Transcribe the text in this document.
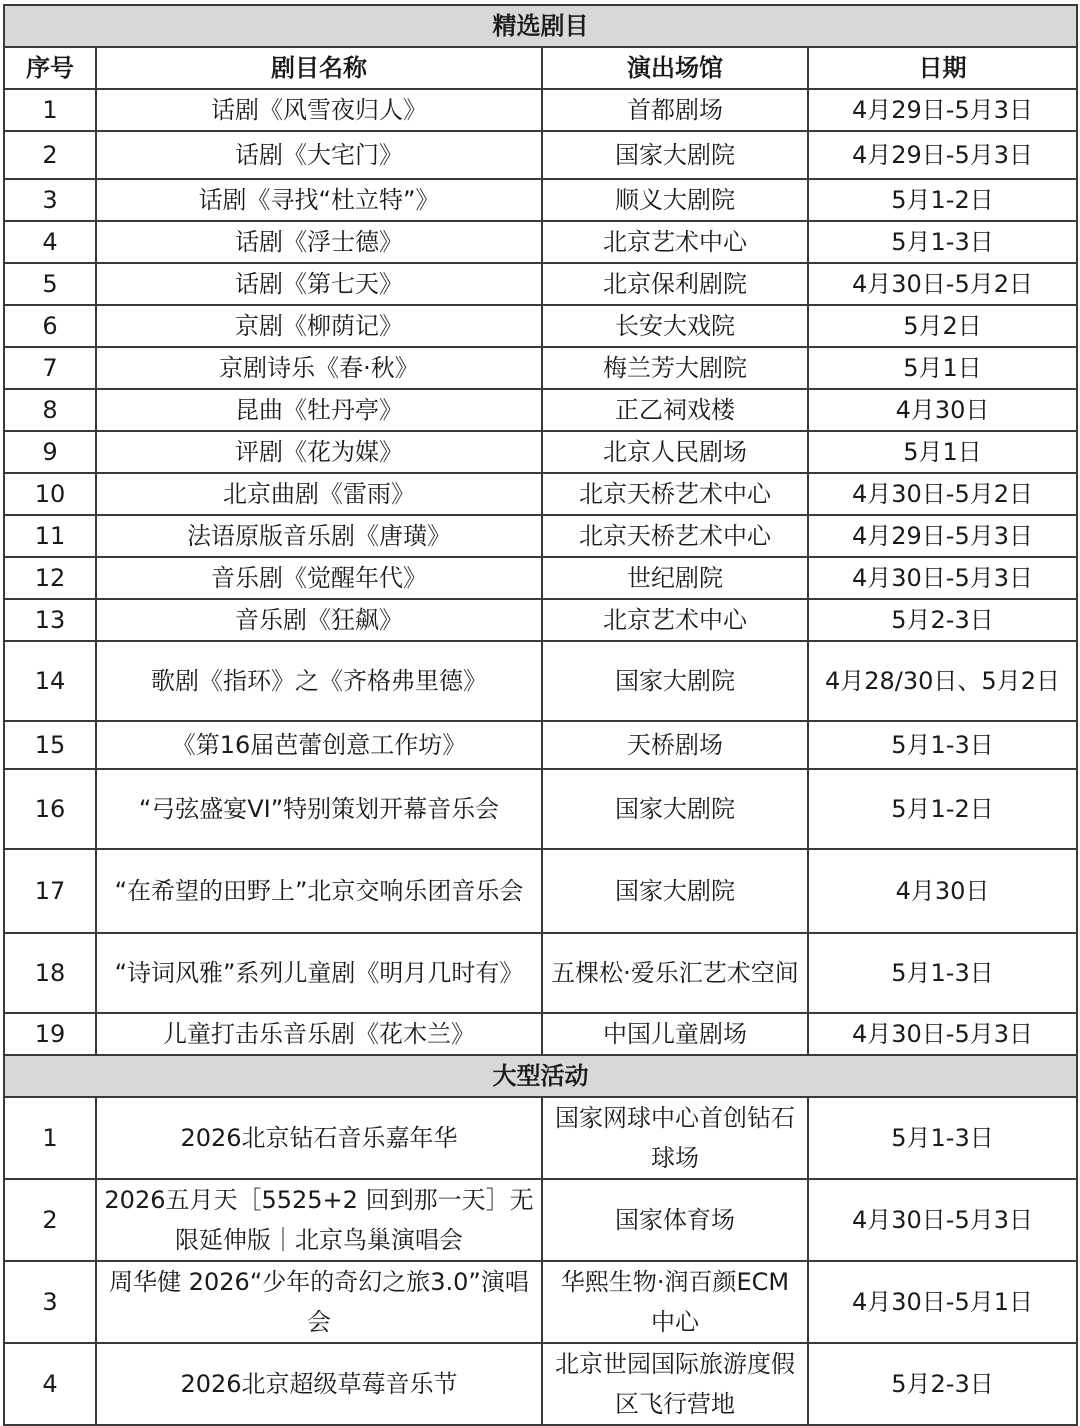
精选剧目			
序号	剧目名称	演出场馆	日期
1	话剧《风雪夜归人》	首都剧场	4月29日-5月3日
2	话剧《大宅门》	国家大剧院	4月29日-5月3日
3	话剧《寻找“杜立特”》	顺义大剧院	5月1-2日
4	话剧《浮士德》	北京艺术中心	5月1-3日
5	话剧《第七天》	北京保利剧院	4月30日-5月2日
6	京剧《柳荫记》	长安大戏院	5月2日
7	京剧诗乐《春·秋》	梅兰芳大剧院	5月1日
8	昆曲《牡丹亭》	正乙祠戏楼	4月30日
9	评剧《花为媒》	北京人民剧场	5月1日
10	北京曲剧《雷雨》	北京天桥艺术中心	4月30日-5月2日
11	法语原版音乐剧《唐璜》	北京天桥艺术中心	4月29日-5月3日
12	音乐剧《觉醒年代》	世纪剧院	4月30日-5月3日
13	音乐剧《狂飙》	北京艺术中心	5月2-3日
14	歌剧《指环》之《齐格弗里德》	国家大剧院	4月28/30日、5月2日
15	《第16届芭蕾创意工作坊》	天桥剧场	5月1-3日
16	“弓弦盛宴VI”特别策划开幕音乐会	国家大剧院	5月1-2日
17	“在希望的田野上”北京交响乐团音乐会	国家大剧院	4月30日
18	“诗词风雅”系列儿童剧《明月几时有》	五棵松·爱乐汇艺术空间	5月1-3日
19	儿童打击乐音乐剧《花木兰》	中国儿童剧场	4月30日-5月3日
大型活动			
1	2026北京钻石音乐嘉年华	国家网球中心首创钻石球场	5月1-3日
2	2026五月天［5525+2 回到那一天］无限延伸版｜北京鸟巢演唱会	国家体育场	4月30日-5月3日
3	周华健 2026“少年的奇幻之旅3.0”演唱会	华熙生物·润百颜ECM中心	4月30日-5月1日
4	2026北京超级草莓音乐节	北京世园国际旅游度假区飞行营地	5月2-3日
